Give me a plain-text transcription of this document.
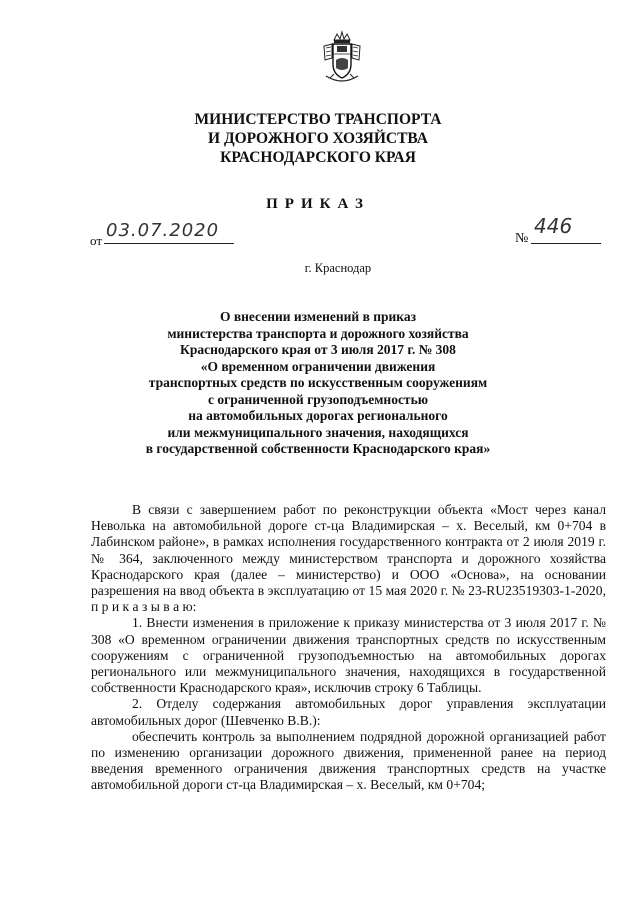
МИНИСТЕРСТВО ТРАНСПОРТА
И ДОРОЖНОГО ХОЗЯЙСТВА
КРАСНОДАРСКОГО КРАЯ
ПРИКАЗ
от 03.07.2020	№
446
г. Краснодар
О внесении изменений в приказ
министерства транспорта и дорожного хозяйства
Краснодарского края от 3 июля 2017 г. № 308
«О временном ограничении движения
транспортных средств по искусственным сооружениям
с ограниченной грузоподъемностью
на автомобильных дорогах регионального
или межмуниципального значения, находящихся
в государственной собственности Краснодарского края»

В связи с завершением работ по реконструкции объекта «Мост через канал Неволька на автомобильной дороге ст-ца Владимирская – х. Веселый, км 0+704 в Лабинском районе», в рамках исполнения государственного контракта от 2 июля 2019 г. № 364, заключенного между министерством транспорта и дорожного хозяйства Краснодарского края (далее – министерство) и ООО «Основа», на основании разрешения на ввод объекта в эксплуатацию от 15 мая 2020 г. № 23-RU23519303-1-2020, п р и к а з ы в а ю:

1. Внести изменения в приложение к приказу министерства от 3 июля 2017 г. № 308 «О временном ограничении движения транспортных средств по искусственным сооружениям с ограниченной грузоподъемностью на автомобильных дорогах регионального или межмуниципального значения, находящихся в государственной собственности Краснодарского края», исключив строку 6 Таблицы.

2. Отделу содержания автомобильных дорог управления эксплуатации автомобильных дорог (Шевченко В.В.):

обеспечить контроль за выполнением подрядной дорожной организацией работ по изменению организации дорожного движения, примененной ранее на период введения временного ограничения движения транспортных средств на участке автомобильной дороги ст-ца Владимирская – х. Веселый, км 0+704;
